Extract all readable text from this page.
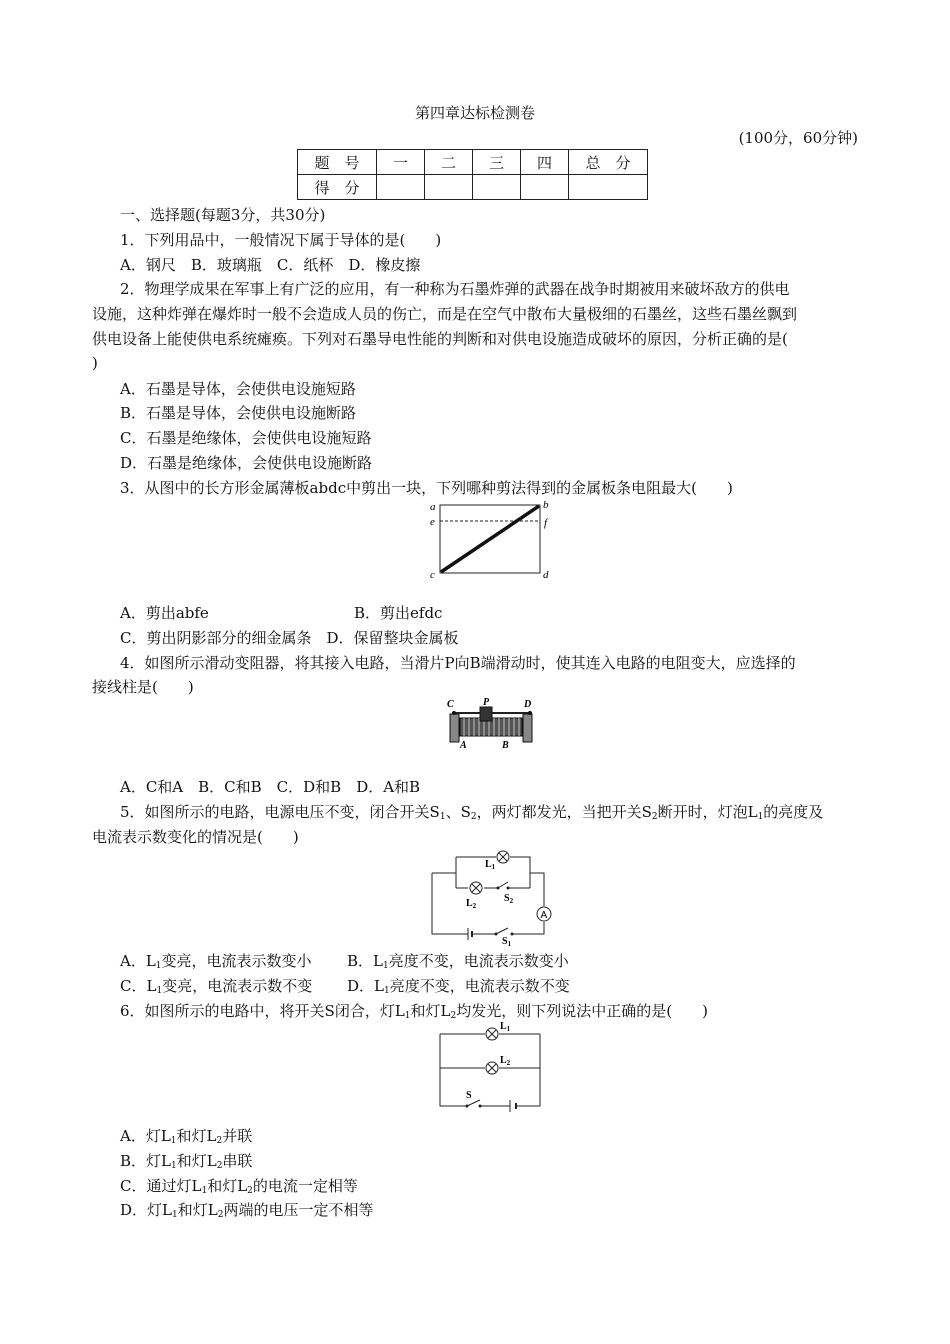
第四章达标检测卷
(100分，60分钟)
题　号	一	二	三	四	总　分
得　分					
一、选择题(每题3分，共30分)
1．下列用品中，一般情况下属于导体的是(　　)
A．钢尺　B．玻璃瓶　C．纸杯　D．橡皮擦
2．物理学成果在军事上有广泛的应用，有一种称为石墨炸弹的武器在战争时期被用来破坏敌方的供电
设施，这种炸弹在爆炸时一般不会造成人员的伤亡，而是在空气中散布大量极细的石墨丝，这些石墨丝飘到
供电设备上能使供电系统瘫痪。下列对石墨导电性能的判断和对供电设施造成破坏的原因，分析正确的是(
)
A．石墨是导体，会使供电设施短路
B．石墨是导体，会使供电设施断路
C．石墨是绝缘体，会使供电设施短路
D．石墨是绝缘体，会使供电设施断路
3．从图中的长方形金属薄板abdc中剪出一块，下列哪种剪法得到的金属板条电阻最大(　　)
a	b
e	f
c	d
A．剪出abfe	B．剪出efdc
C．剪出阴影部分的细金属条　D．保留整块金属板
4．如图所示滑动变阻器，将其接入电路，当滑片P向B端滑动时，使其连入电路的电阻变大，应选择的
接线柱是(　　)
C	P	D
A	B
A．C和A　B．C和B　C．D和B　D．A和B
5．如图所示的电路，电源电压不变，闭合开关$S_1$、$S_2$，两灯都发光，当把开关$S_2$断开时，灯泡$L_1$的亮度及
电流表示数变化的情况是(　　)
A
$L_1$
$L_2$
$S_2$
$S_1$
A．$L_1$变亮，电流表示数变小 B．$L_1$亮度不变，电流表示数变小
C．$L_1$变亮，电流表示数不变 D．$L_1$亮度不变，电流表示数不变
6．如图所示的电路中，将开关S闭合，灯$L_1$和灯$L_2$均发光，则下列说法中正确的是(　　)
$L_1$
$L_2$
S
A．灯$L_1$和灯$L_2$并联
B．灯$L_1$和灯$L_2$串联
C．通过灯$L_1$和灯$L_2$的电流一定相等
D．灯$L_1$和灯$L_2$两端的电压一定不相等
